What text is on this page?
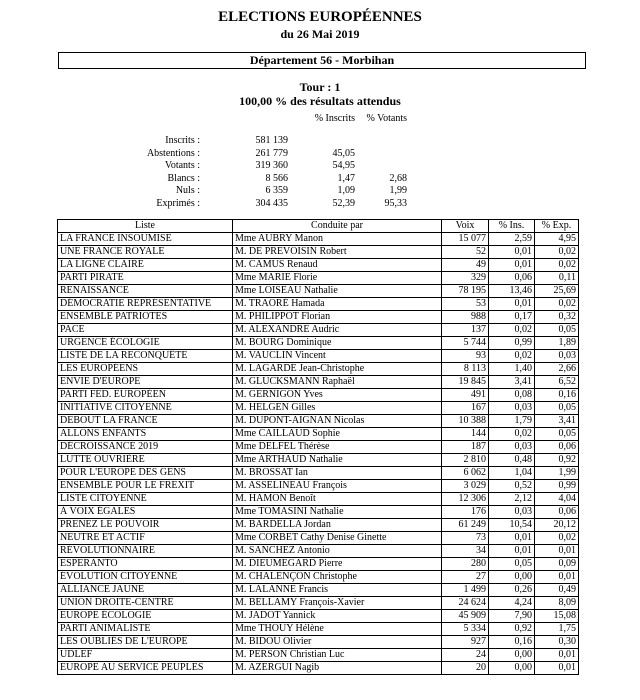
ELECTIONS EUROPÉENNES
du 26 Mai 2019
Département 56 - Morbihan
Tour : 1
100,00 % des résultats attendus
% Inscrits % Votants
Inscrits :	581 139
Abstentions :	261 779	45,05
Votants :	319 360	54,95
Blancs :	8 566	1,47	2,68
Nuls :	6 359	1,09	1,99
Exprimés :	304 435	52,39	95,33
Liste	Conduite par	Voix	% Ins.	% Exp.
LA FRANCE INSOUMISE	Mme AUBRY Manon	15 077	2,59	4,95
UNE FRANCE ROYALE	M. DE PREVOISIN Robert	52	0,01	0,02
LA LIGNE CLAIRE	M. CAMUS Renaud	49	0,01	0,02
PARTI PIRATE	Mme MARIE Florie	329	0,06	0,11
RENAISSANCE	Mme LOISEAU Nathalie	78 195	13,46	25,69
DÉMOCRATIE REPRÉSENTATIVE	M. TRAORÉ Hamada	53	0,01	0,02
ENSEMBLE PATRIOTES	M. PHILIPPOT Florian	988	0,17	0,32
PACE	M. ALEXANDRE Audric	137	0,02	0,05
URGENCE ÉCOLOGIE	M. BOURG Dominique	5 744	0,99	1,89
LISTE DE LA RECONQUÊTE	M. VAUCLIN Vincent	93	0,02	0,03
LES EUROPÉENS	M. LAGARDE Jean-Christophe	8 113	1,40	2,66
ENVIE D'EUROPE	M. GLUCKSMANN Raphaël	19 845	3,41	6,52
PARTI FED. EUROPÉEN	M. GERNIGON Yves	491	0,08	0,16
INITIATIVE CITOYENNE	M. HELGEN Gilles	167	0,03	0,05
DEBOUT LA FRANCE	M. DUPONT-AIGNAN Nicolas	10 388	1,79	3,41
ALLONS ENFANTS	Mme CAILLAUD Sophie	144	0,02	0,05
DÉCROISSANCE 2019	Mme DELFEL Thérèse	187	0,03	0,06
LUTTE OUVRIÈRE	Mme ARTHAUD Nathalie	2 810	0,48	0,92
POUR L'EUROPE DES GENS	M. BROSSAT Ian	6 062	1,04	1,99
ENSEMBLE POUR LE FREXIT	M. ASSELINEAU François	3 029	0,52	0,99
LISTE CITOYENNE	M. HAMON Benoît	12 306	2,12	4,04
À VOIX ÉGALES	Mme TOMASINI Nathalie	176	0,03	0,06
PRENEZ LE POUVOIR	M. BARDELLA Jordan	61 249	10,54	20,12
NEUTRE ET ACTIF	Mme CORBET Cathy Denise Ginette	73	0,01	0,02
RÉVOLUTIONNAIRE	M. SANCHEZ Antonio	34	0,01	0,01
ESPERANTO	M. DIEUMEGARD Pierre	280	0,05	0,09
ÉVOLUTION CITOYENNE	M. CHALENÇON Christophe	27	0,00	0,01
ALLIANCE JAUNE	M. LALANNE Francis	1 499	0,26	0,49
UNION DROITE-CENTRE	M. BELLAMY François-Xavier	24 624	4,24	8,09
EUROPE ÉCOLOGIE	M. JADOT Yannick	45 909	7,90	15,08
PARTI ANIMALISTE	Mme THOUY Hélène	5 334	0,92	1,75
LES OUBLIÉS DE L'EUROPE	M. BIDOU Olivier	927	0,16	0,30
UDLEF	M. PERSON Christian Luc	24	0,00	0,01
EUROPE AU SERVICE PEUPLES	M. AZERGUI Nagib	20	0,00	0,01
